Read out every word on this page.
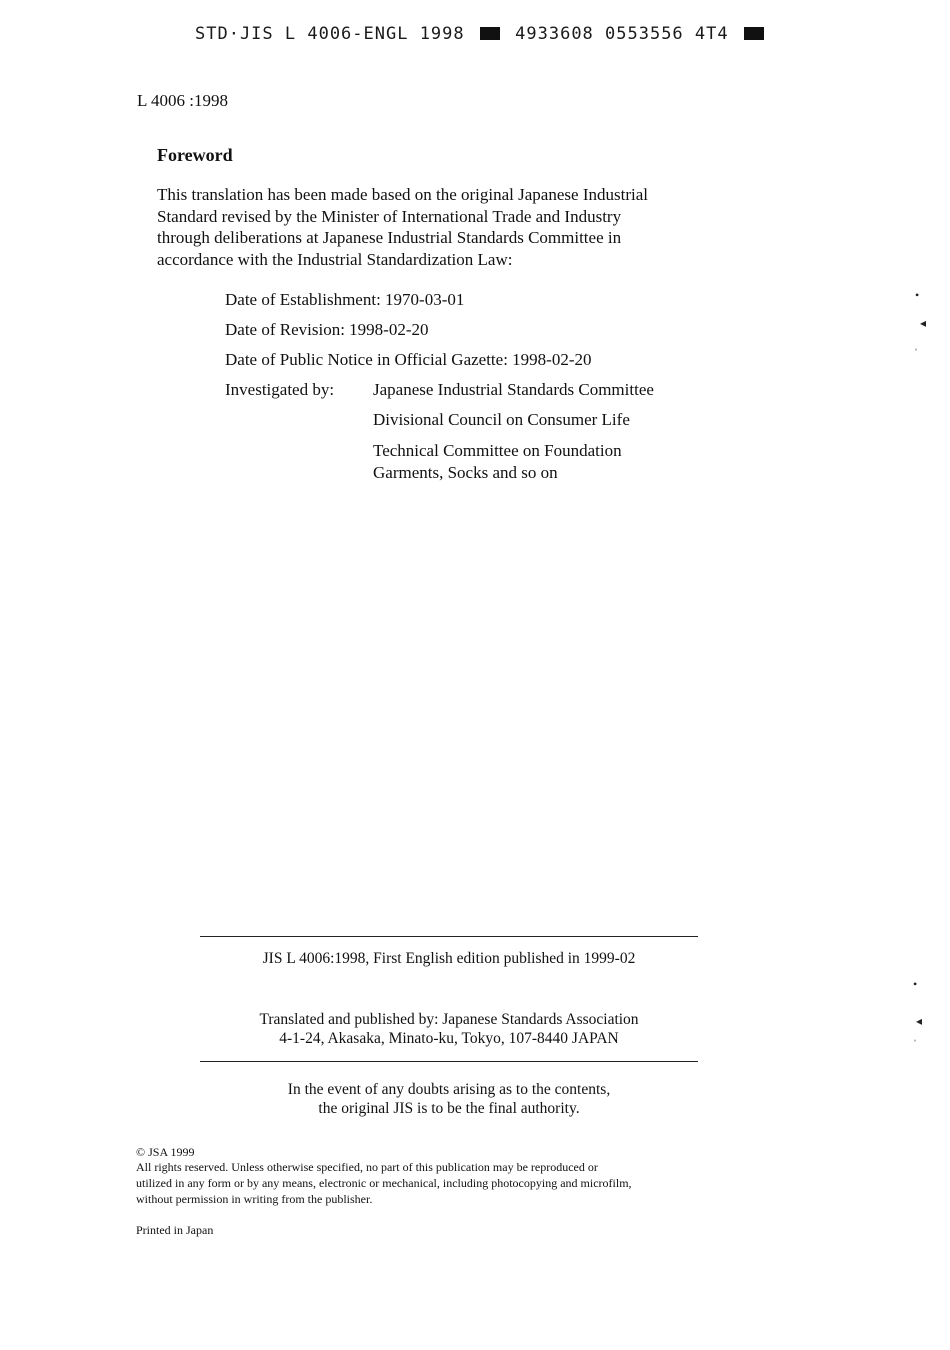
STD·JIS L 4006-ENGL 1998	4933608 0553556 4T4
L 4006 :1998
Foreword
This translation has been made based on the original Japanese Industrial
Standard revised by the Minister of International Trade and Industry
through deliberations at Japanese Industrial Standards Committee in
accordance with the Industrial Standardization Law:
Date of Establishment: 1970-03-01
Date of Revision: 1998-02-20
Date of Public Notice in Official Gazette: 1998-02-20
Investigated by: Japanese Industrial Standards Committee
Divisional Council on Consumer Life
Technical Committee on Foundation
Garments, Socks and so on
JIS L 4006:1998, First English edition published in 1999-02
Translated and published by: Japanese Standards Association
4-1-24, Akasaka, Minato-ku, Tokyo, 107-8440 JAPAN
In the event of any doubts arising as to the contents,
the original JIS is to be the final authority.
© JSA 1999
All rights reserved. Unless otherwise specified, no part of this publication may be reproduced or
utilized in any form or by any means, electronic or mechanical, including photocopying and microfilm,
without permission in writing from the publisher.
Printed in Japan
•
◂
ˈ
•
◂
ˈ
